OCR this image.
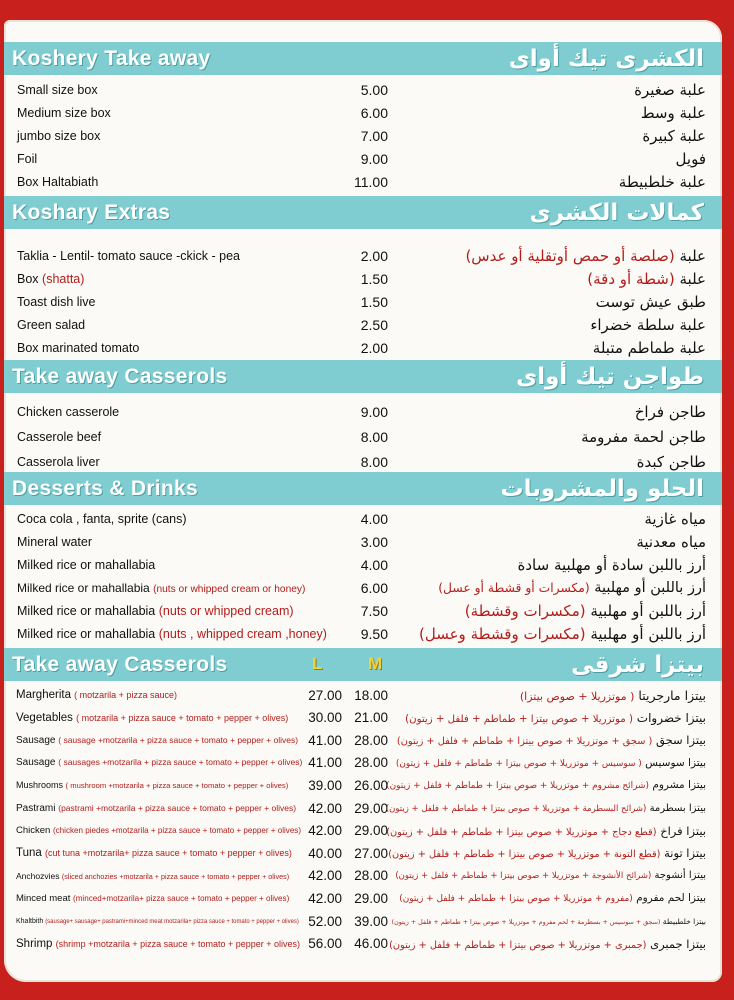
Koshery Take away	الكشرى تيك أواى
Small size box	5.00	علبة صغيرة
Medium size box	6.00	علبة وسط
jumbo size box	7.00	علبة كبيرة
Foil	9.00	فويل
Box Haltabiath	11.00	علبة خلطبيطة
Koshary Extras	كمالات الكشرى
Taklia - Lentil- tomato sauce -ckick - pea	2.00	علبة (صلصة أو حمص أوتقلية أو عدس)
Box (shatta)	1.50	علبة (شطة أو دقة)
Toast dish live	1.50	طبق عيش توست
Green salad	2.50	علبة سلطة خضراء
Box marinated tomato	2.00	علبة طماطم متبلة
Take away Casserols	طواجن تيك أواى
Chicken casserole	9.00	طاجن فراخ
Casserole beef	8.00	طاجن لحمة مفرومة
Casserola liver	8.00	طاجن كبدة
Desserts & Drinks	الحلو والمشروبات
Coca cola , fanta, sprite (cans)	4.00	مياه غازية
Mineral water	3.00	مياه معدنية
Milked rice or mahallabia	4.00	أرز باللبن سادة أو مهلبية سادة
Milked rice or mahallabia (nuts or whipped cream or honey)	6.00	أرز باللبن أو مهلبية (مكسرات أو قشطة أو عسل)
Milked rice or mahallabia (nuts or whipped cream)	7.50	أرز باللبن أو مهلبية (مكسرات وقشطة)
Milked rice or mahallabia (nuts , whipped cream ,honey)	9.50	أرز باللبن أو مهلبية (مكسرات وقشطة وعسل)
Take away Casserols	بيتزا شرقى
L	M
Margherita ( motzarila + pizza sauce)	27.00 18.00	بيتزا مارجريتا ( موتزريلا + صوص بيتزا)
Vegetables ( motzarila + pizza sauce + tomato + pepper + olives)	30.00 21.00	بيتزا خضروات ( موتزريلا + صوص بيتزا + طماطم + فلفل + زيتون)
Sausage ( sausage +motzarila + pizza sauce + tomato + pepper + olives) 41.00 28.00	بيتزا سجق ( سجق + موتزريلا + صوص بيتزا + طماطم + فلفل + زيتون)
Sausage ( sausages +motzarila + pizza sauce + tomato + pepper + olives) 41.00 28.00	بيتزا سوسيس ( سوسيس + موتزريلا + صوص بيتزا + طماطم + فلفل + زيتون)
Mushrooms ( mushroom +motzarila + pizza sauce + tomato + pepper + olives)	39.00 26.00	بيتزا مشروم (شرائح مشروم + موتزريلا + صوص بيتزا + طماطم + فلفل + زيتون)
Pastrami (pastrami +motzarila + pizza sauce + tomato + pepper + olives) 42.00 29.00	بيتزا بسطرمة (شرائح البسطرمة + موتزريلا + صوص بيتزا + طماطم + فلفل + زيتون)
Chicken (chicken piedes +motzarila + pizza sauce + tomato + pepper + olives) 42.00 29.00	بيتزا فراخ (قطع دجاج + موتزريلا + صوص بيتزا + طماطم + فلفل + زيتون)
Tuna (cut tuna +motzarila+ pizza sauce + tomato + pepper + olives)	40.00 27.00	بيتزا تونة (قطع التونة + موتزريلا + صوص بيتزا + طماطم + فلفل + زيتون)
Anchozvies (sliced anchozies +motzarila + pizza sauce + tomato + pepper + olives)	42.00 28.00	بيتزا أنشوجة (شرائح الأنشوجة + موتزريلا + صوص بيتزا + طماطم + فلفل + زيتون)
Minced meat (minced+motzarila+ pizza sauce + tomato + pepper + olives)	42.00 29.00	بيتزا لحم مفروم (مفروم + موتزريلا + صوص بيتزا + طماطم + فلفل + زيتون)
Khaltbith (sausage+ sausage+ pastrami+minced meat motzarila+ pizza sauce + tomato + pepper + olives) 52.00 39.00	بيتزا خلطبيطة (سجق + سوسيس + بسطرمة + لحم مفروم + موتزريلا + صوص بيتزا + طماطم + فلفل + زيتون)
Shrimp (shrimp +motzarila + pizza sauce + tomato + pepper + olives) 56.00 46.00	بيتزا جمبرى (جمبرى + موتزريلا + صوص بيتزا + طماطم + فلفل + زيتون)
